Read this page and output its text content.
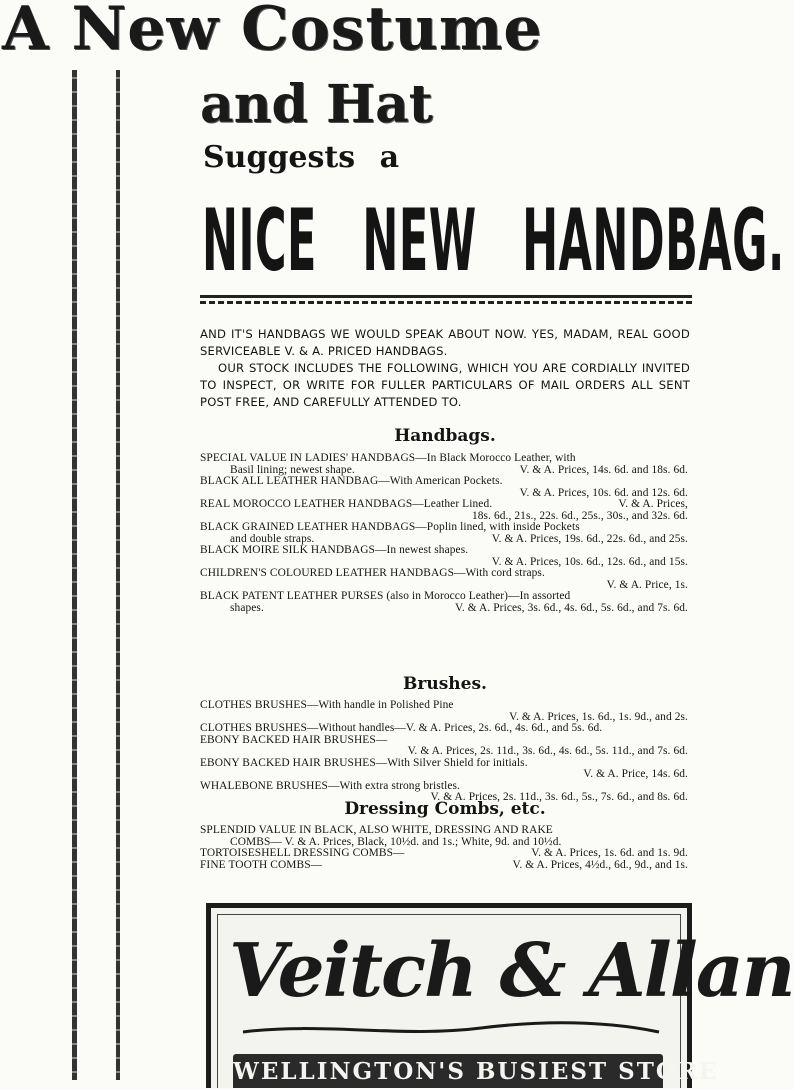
A New Costume
and Hat
Suggests a
NICE NEW HANDBAG.

AND IT'S HANDBAGS WE WOULD SPEAK ABOUT NOW. YES, MADAM, REAL GOOD SERVICEABLE V. & A. PRICED HANDBAGS.

OUR STOCK INCLUDES THE FOLLOWING, WHICH YOU ARE CORDIALLY INVITED TO INSPECT, OR WRITE FOR FULLER PARTICULARS OF MAIL ORDERS ALL SENT POST FREE, AND CAREFULLY ATTENDED TO.

Handbags.
SPECIAL VALUE IN LADIES' HANDBAGS—In Black Morocco Leather, with
Basil lining; newest shape.	V. & A. Prices, 14s. 6d. and 18s. 6d.
BLACK ALL LEATHER HANDBAG—With American Pockets.
V. & A. Prices, 10s. 6d. and 12s. 6d.
REAL MOROCCO LEATHER HANDBAGS—Leather Lined.	V. & A. Prices,
18s. 6d., 21s., 22s. 6d., 25s., 30s., and 32s. 6d.
BLACK GRAINED LEATHER HANDBAGS—Poplin lined, with inside Pockets
and double straps.	V. & A. Prices, 19s. 6d., 22s. 6d., and 25s.
BLACK MOIRE SILK HANDBAGS—In newest shapes.
V. & A. Prices, 10s. 6d., 12s. 6d., and 15s.
CHILDREN'S COLOURED LEATHER HANDBAGS—With cord straps.
V. & A. Price, 1s.
BLACK PATENT LEATHER PURSES (also in Morocco Leather)—In assorted
shapes.	V. & A. Prices, 3s. 6d., 4s. 6d., 5s. 6d., and 7s. 6d.
Brushes.
CLOTHES BRUSHES—With handle in Polished Pine
V. & A. Prices, 1s. 6d., 1s. 9d., and 2s.
CLOTHES BRUSHES—Without handles—V. & A. Prices, 2s. 6d., 4s. 6d., and 5s. 6d.
EBONY BACKED HAIR BRUSHES—
V. & A. Prices, 2s. 11d., 3s. 6d., 4s. 6d., 5s. 11d., and 7s. 6d.
EBONY BACKED HAIR BRUSHES—With Silver Shield for initials.
V. & A. Price, 14s. 6d.
WHALEBONE BRUSHES—With extra strong bristles.
V. & A. Prices, 2s. 11d., 3s. 6d., 5s., 7s. 6d., and 8s. 6d.
Dressing Combs, etc.
SPLENDID VALUE IN BLACK, ALSO WHITE, DRESSING AND RAKE
COMBS— V. & A. Prices, Black, 10½d. and 1s.; White, 9d. and 10½d.
TORTOISESHELL DRESSING COMBS—	V. & A. Prices, 1s. 6d. and 1s. 9d.
FINE TOOTH COMBS—	V. & A. Prices, 4½d., 6d., 9d., and 1s.
Veitch & Allan
WELLINGTON'S BUSIEST STORE
